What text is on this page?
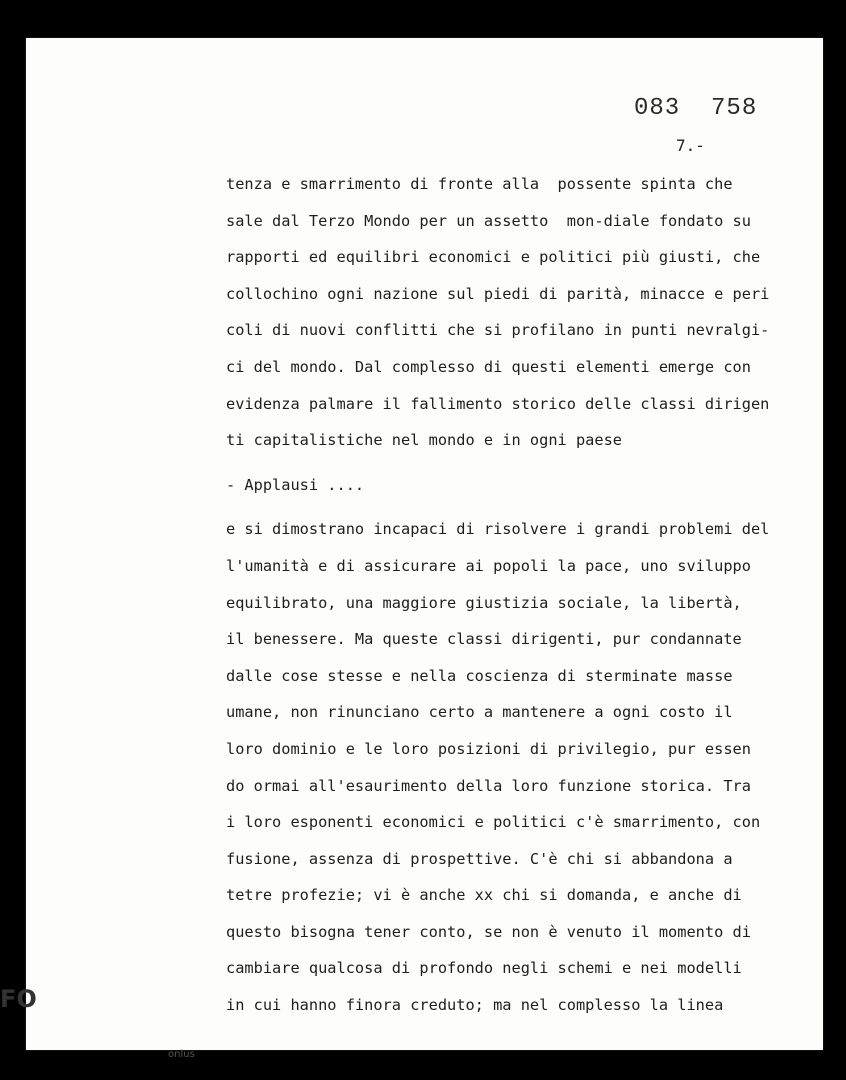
083  758
7.-
tenza e smarrimento di fronte alla  possente spinta che
sale dal Terzo Mondo per un assetto  mon-diale fondato su
rapporti ed equilibri economici e politici più giusti, che
collochino ogni nazione sul piedi di parità, minacce e peri
coli di nuovi conflitti che si profilano in punti nevralgi-
ci del mondo. Dal complesso di questi elementi emerge con
evidenza palmare il fallimento storico delle classi dirigen
ti capitalistiche nel mondo e in ogni paese
- Applausi ....
e si dimostrano incapaci di risolvere i grandi problemi del
l'umanità e di assicurare ai popoli la pace, uno sviluppo
equilibrato, una maggiore giustizia sociale, la libertà,
il benessere. Ma queste classi dirigenti, pur condannate
dalle cose stesse e nella coscienza di sterminate masse
umane, non rinunciano certo a mantenere a ogni costo il
loro dominio e le loro posizioni di privilegio, pur essen
do ormai all'esaurimento della loro funzione storica. Tra
i loro esponenti economici e politici c'è smarrimento, con
fusione, assenza di prospettive. C'è chi si abbandona a
tetre profezie; vi è anche xx chi si domanda, e anche di
questo bisogna tener conto, se non è venuto il momento di
cambiare qualcosa di profondo negli schemi e nei modelli
in cui hanno finora creduto; ma nel complesso la linea
FO
onlus
